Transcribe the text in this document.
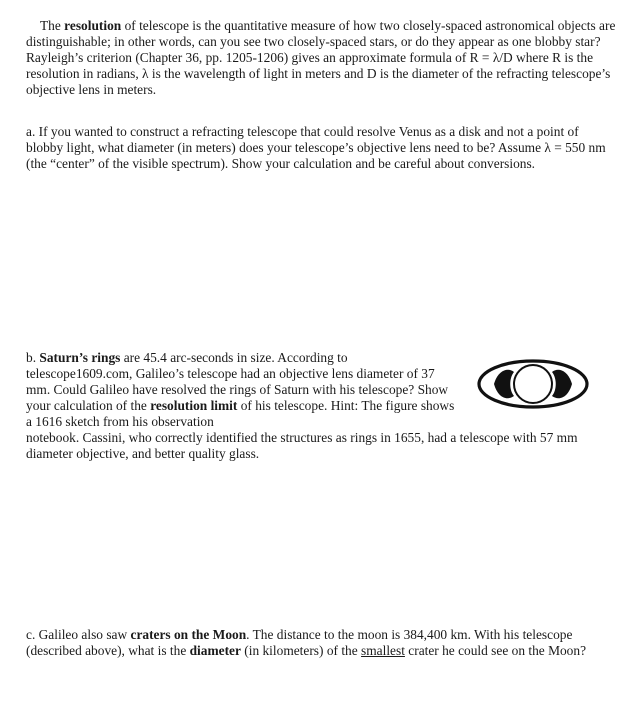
The resolution of telescope is the quantitative measure of how two closely-spaced astronomical objects are distinguishable; in other words, can you see two closely-spaced stars, or do they appear as one blobby star? Rayleigh’s criterion (Chapter 36, pp. 1205-1206) gives an approximate formula of R = λ/D where R is the resolution in radians, λ is the wavelength of light in meters and D is the diameter of the refracting telescope’s objective lens in meters.

a. If you wanted to construct a refracting telescope that could resolve Venus as a disk and not a point of blobby light, what diameter (in meters) does your telescope’s objective lens need to be? Assume λ = 550 nm (the “center” of the visible spectrum). Show your calculation and be careful about conversions.

b. Saturn’s rings are 45.4 arc-seconds in size. According to telescope1609.com, Galileo’s telescope had an objective lens diameter of 37 mm. Could Galileo have resolved the rings of Saturn with his telescope? Show your calculation of the resolution limit of his telescope. Hint: The figure shows a 1616 sketch from his observation
notebook. Cassini, who correctly identified the structures as rings in 1655, had a telescope with 57 mm diameter objective, and better quality glass.

c. Galileo also saw craters on the Moon. The distance to the moon is 384,400 km. With his telescope (described above), what is the diameter (in kilometers) of the smallest crater he could see on the Moon?
